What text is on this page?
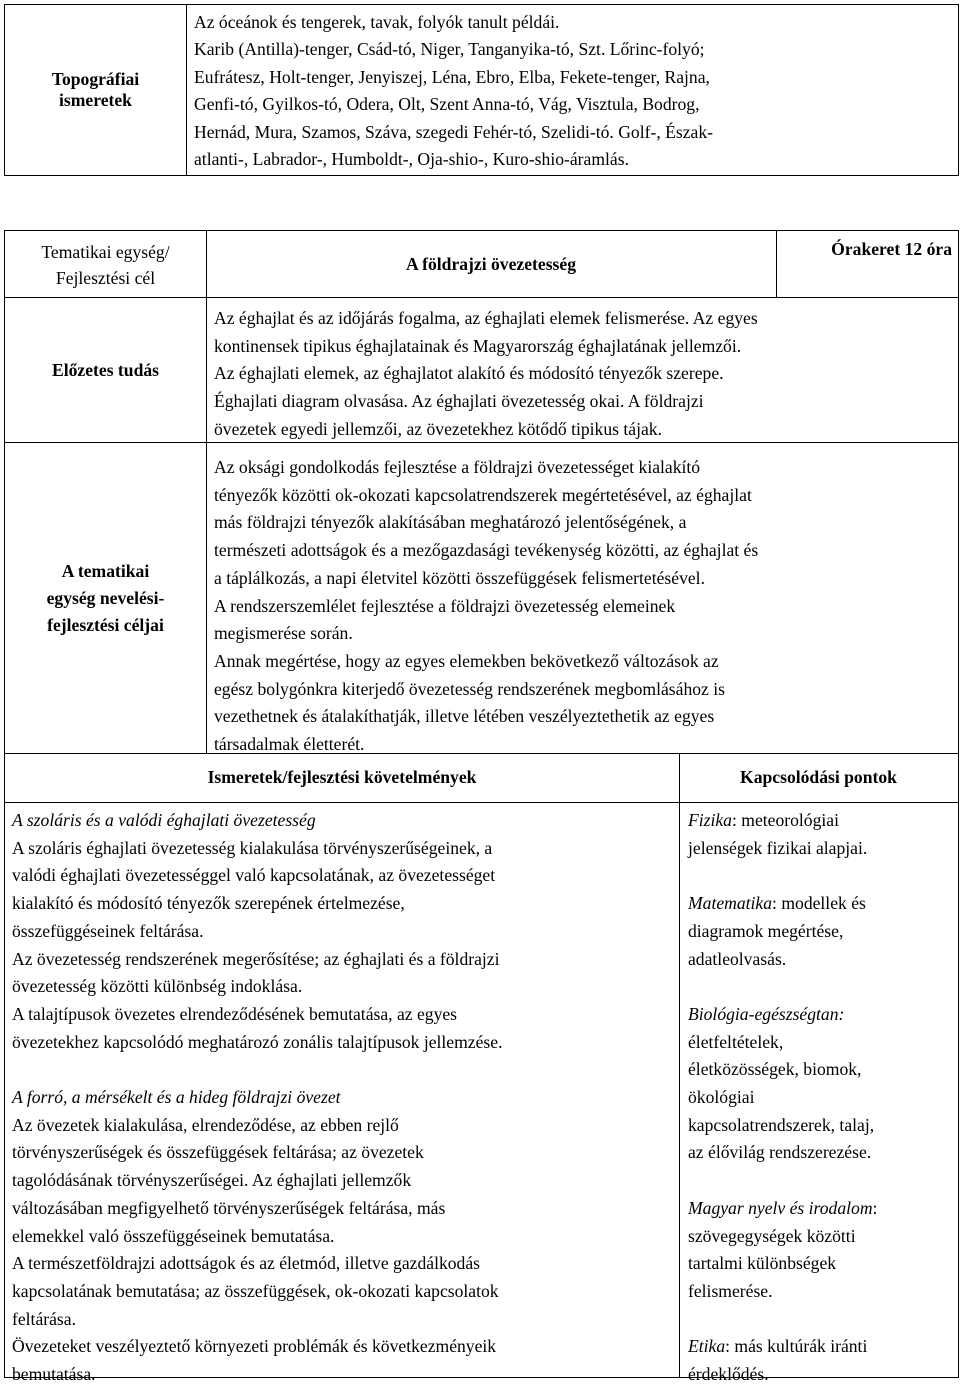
Topográfiai
ismeretek
Az óceánok és tengerek, tavak, folyók tanult példái.
Karib (Antilla)-tenger, Csád-tó, Niger, Tanganyika-tó, Szt. Lőrinc-folyó;
Eufrátesz, Holt-tenger, Jenyiszej, Léna, Ebro, Elba, Fekete-tenger, Rajna,
Genfi-tó, Gyilkos-tó, Odera, Olt, Szent Anna-tó, Vág, Visztula, Bodrog,
Hernád, Mura, Szamos, Száva, szegedi Fehér-tó, Szelidi-tó. Golf-, Észak-
atlanti-, Labrador-, Humboldt-, Oja-shio-, Kuro-shio-áramlás.
Tematikai egység/
Fejlesztési cél
A földrajzi övezetesség
Órakeret 12 óra
Előzetes tudás
Az éghajlat és az időjárás fogalma, az éghajlati elemek felismerése. Az egyes
kontinensek tipikus éghajlatainak és Magyarország éghajlatának jellemzői.
Az éghajlati elemek, az éghajlatot alakító és módosító tényezők szerepe.
Éghajlati diagram olvasása. Az éghajlati övezetesség okai. A földrajzi
övezetek egyedi jellemzői, az övezetekhez kötődő tipikus tájak.
A tematikai
egység nevelési-
fejlesztési céljai
Az oksági gondolkodás fejlesztése a földrajzi övezetességet kialakító
tényezők közötti ok-okozati kapcsolatrendszerek megértetésével, az éghajlat
más földrajzi tényezők alakításában meghatározó jelentőségének, a
természeti adottságok és a mezőgazdasági tevékenység közötti, az éghajlat és
a táplálkozás, a napi életvitel közötti összefüggések felismertetésével.
A rendszerszemlélet fejlesztése a földrajzi övezetesség elemeinek
megismerése során.
Annak megértése, hogy az egyes elemekben bekövetkező változások az
egész bolygónkra kiterjedő övezetesség rendszerének megbomlásához is
vezethetnek és átalakíthatják, illetve létében veszélyeztethetik az egyes
társadalmak életterét.
Ismeretek/fejlesztési követelmények	Kapcsolódási pontok
A szoláris és a valódi éghajlati övezetesség
A szoláris éghajlati övezetesség kialakulása törvényszerűségeinek, a
valódi éghajlati övezetességgel való kapcsolatának, az övezetességet
kialakító és módosító tényezők szerepének értelmezése,
összefüggéseinek feltárása.
Az övezetesség rendszerének megerősítése; az éghajlati és a földrajzi
övezetesség közötti különbség indoklása.
A talajtípusok övezetes elrendeződésének bemutatása, az egyes
övezetekhez kapcsolódó meghatározó zonális talajtípusok jellemzése.
A forró, a mérsékelt és a hideg földrajzi övezet
Az övezetek kialakulása, elrendeződése, az ebben rejlő
törvényszerűségek és összefüggések feltárása; az övezetek
tagolódásának törvényszerűségei. Az éghajlati jellemzők
változásában megfigyelhető törvényszerűségek feltárása, más
elemekkel való összefüggéseinek bemutatása.
A természetföldrajzi adottságok és az életmód, illetve gazdálkodás
kapcsolatának bemutatása; az összefüggések, ok-okozati kapcsolatok
feltárása.
Övezeteket veszélyeztető környezeti problémák és következményeik
bemutatása.
Fizika: meteorológiai
jelenségek fizikai alapjai.
Matematika: modellek és
diagramok megértése,
adatleolvasás.
Biológia-egészségtan:
életfeltételek,
életközösségek, biomok,
ökológiai
kapcsolatrendszerek, talaj,
az élővilág rendszerezése.
Magyar nyelv és irodalom:
szövegegységek közötti
tartalmi különbségek
felismerése.
Etika: más kultúrák iránti
érdeklődés.
